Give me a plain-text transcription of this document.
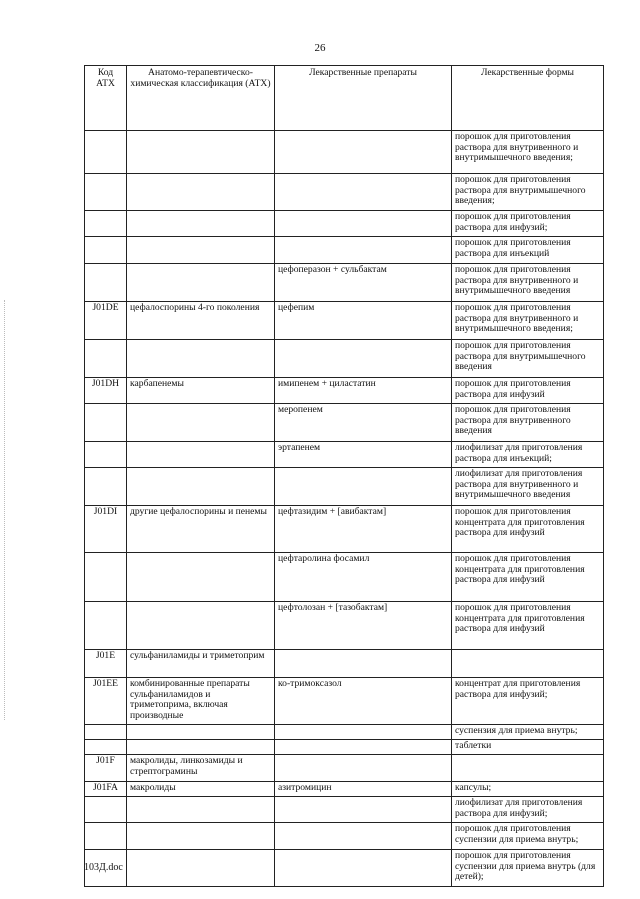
26
Код АТХ	Анатомо-терапевтическо-химическая классификация (АТХ)	Лекарственные препараты	Лекарственные формы
			порошок для приготовления раствора для внутривенного и внутримышечного введения;
			порошок для приготовления раствора для внутримышечного введения;
			порошок для приготовления раствора для инфузий;
			порошок для приготовления раствора для инъекций
		цефоперазон + сульбактам	порошок для приготовления раствора для внутривенного и внутримышечного введения
J01DE	цефалоспорины 4-го поколения	цефепим	порошок для приготовления раствора для внутривенного и внутримышечного введения;
			порошок для приготовления раствора для внутримышечного введения
J01DH	карбапенемы	имипенем + циластатин	порошок для приготовления раствора для инфузий
		меропенем	порошок для приготовления раствора для внутривенного введения
		эртапенем	лиофилизат для приготовления раствора для инъекций;
			лиофилизат для приготовления раствора для внутривенного и внутримышечного введения
J01DI	другие цефалоспорины и пенемы	цефтазидим + [авибактам]	порошок для приготовления концентрата для приготовления раствора для инфузий
		цефтаролина фосамил	порошок для приготовления концентрата для приготовления раствора для инфузий
		цефтолозан + [тазобактам]	порошок для приготовления концентрата для приготовления раствора для инфузий
J01E	сульфаниламиды и триметоприм		
J01EE	комбинированные препараты сульфаниламидов и триметоприма, включая производные	ко-тримоксазол	концентрат для приготовления раствора для инфузий;
			суспензия для приема внутрь;
			таблетки
J01F	макролиды, линкозамиды и стрептограмины		
J01FA	макролиды	азитромицин	капсулы;
			лиофилизат для приготовления раствора для инфузий;
			порошок для приготовления суспензии для приема внутрь;
			порошок для приготовления суспензии для приема внутрь (для детей);
103Д.doc
